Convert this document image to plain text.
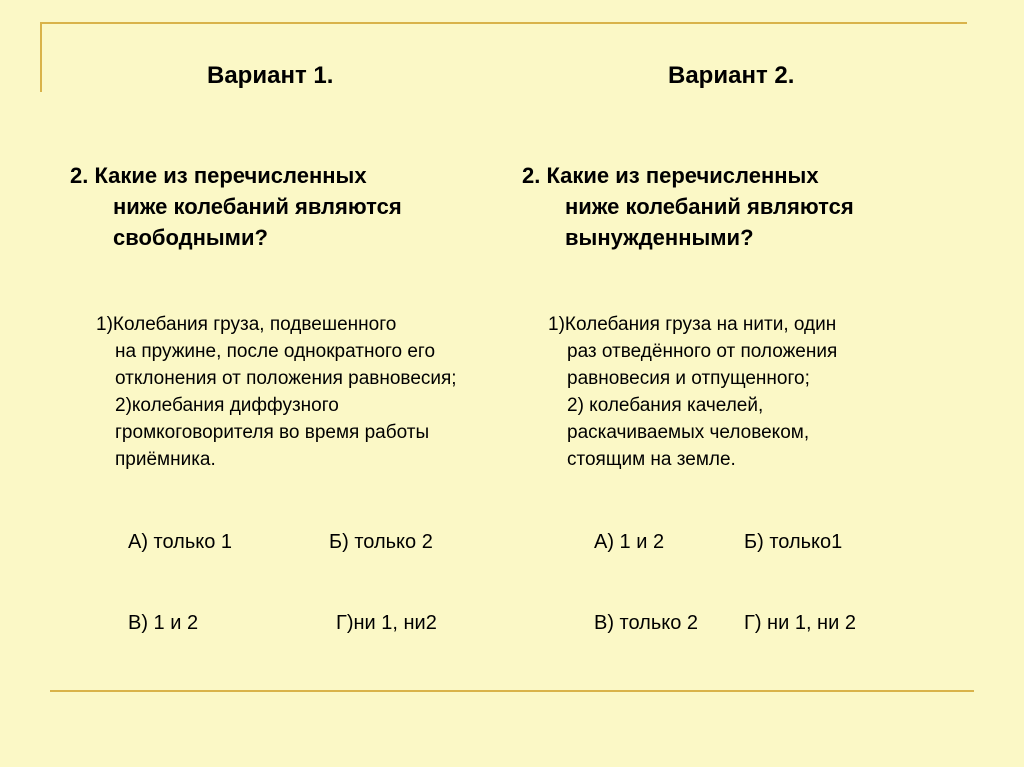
Вариант 1.
2. Какие из перечисленных
ниже колебаний являются свободными?
1)Колебания груза, подвешенного
на пружине, после однократного его отклонения от положения равновесия; 2)колебания диффузного громкоговорителя во время работы приёмника.
А) только 1	Б) только 2
В) 1 и 2	Г)ни 1, ни2
Вариант 2.
2. Какие из перечисленных
ниже колебаний являются вынужденными?
1)Колебания груза на нити, один
раз отведённого от положения равновесия и отпущенного;
2) колебания качелей, раскачиваемых человеком, стоящим на земле.
А) 1 и 2	Б) только1
В) только 2 Г) ни 1, ни 2
